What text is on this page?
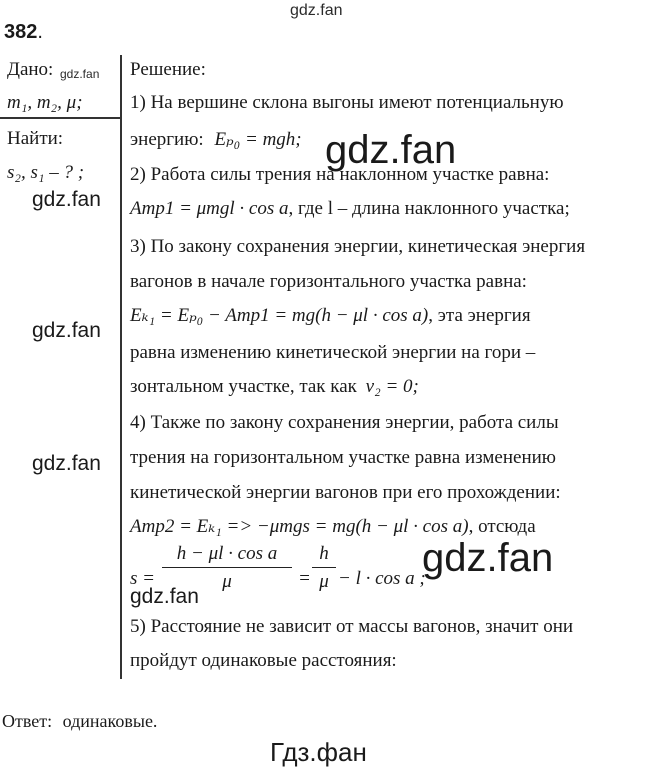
gdz.fan
gdz.fan
gdz.fan
gdz.fan
gdz.fan
gdz.fan
gdz.fan
gdz.fan
382.
Дано:
m₁, m₂, μ;
Найти:
s₂, s₁ – ? ;
Решение:
1) На вершине склона выгоны имеют потенциальную
энергию: Eₚ₀ = mgh;
2) Работа силы трения на наклонном участке равна:
Aтр1 = μmgl · cos a, где l – длина наклонного участка;
3) По закону сохранения энергии, кинетическая энергия
вагонов в начале горизонтального участка равна:
Eₖ₁ = Eₚ₀ − Aтр1 = mg(h − μl · cos a), эта энергия
равна изменению кинетической энергии на гори –
зонтальном участке, так как v₂ = 0;
4) Также по закону сохранения энергии, работа силы
трения на горизонтальном участке равна изменению
кинетической энергии вагонов при его прохождении:
Aтр2 = Eₖ₁ => −μmgs = mg(h − μl · cos a), отсюда
s =
h − μl · cos a
μ	=
h
μ − l · cos a ;
5) Расстояние не зависит от массы вагонов, значит они
пройдут одинаковые расстояния:
Ответ: одинаковые.
Гдз.фан
